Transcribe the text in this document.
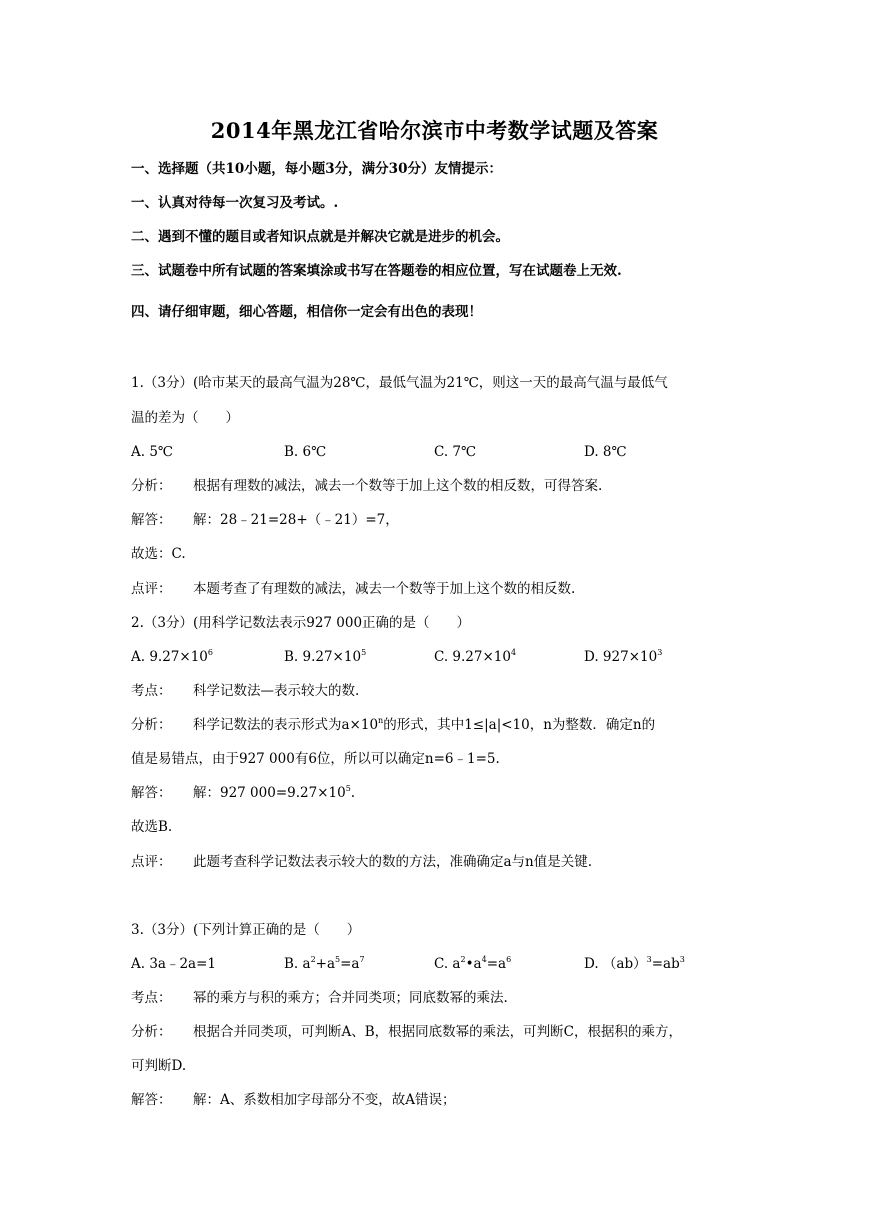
2014年黑龙江省哈尔滨市中考数学试题及答案
一、选择题（共10小题，每小题3分，满分30分）友情提示：
一、认真对待每一次复习及考试。.
二、遇到不懂的题目或者知识点就是并解决它就是进步的机会。
三、试题卷中所有试题的答案填涂或书写在答题卷的相应位置，写在试题卷上无效.
四、请仔细审题，细心答题，相信你一定会有出色的表现！
1.（3分）(哈市某天的最高气温为28℃，最低气温为21℃，则这一天的最高气温与最低气
温的差为（　　）
A. 5℃	B. 6℃	C. 7℃	D. 8℃
分析： 根据有理数的减法，减去一个数等于加上这个数的相反数，可得答案.
解答： 解：28﹣21=28+（﹣21）=7，
故选：C.
点评： 本题考查了有理数的减法，减去一个数等于加上这个数的相反数.
2.（3分）(用科学记数法表示927 000正确的是（　　）
A. $9.27\times 10^6$	B. $9.27\times 10^5$	C. $9.27\times 10^4$	D. $927\times 10^3$
考点： 科学记数法—表示较大的数.
分析： 科学记数法的表示形式为$a\times 10^n$的形式，其中1≤|a|<10，n为整数．确定n的
值是易错点，由于927 000有6位，所以可以确定n=6﹣1=5.
解答： 解：927 $000=9.27\times 10^5$.
故选B.
点评： 此题考查科学记数法表示较大的数的方法，准确确定a与n值是关键.
3.（3分）(下列计算正确的是（　　）
A. 3a﹣2a=1	B. $a^2+a^5=a^7$	C. $a^2•a^4=a^6$	D. $(ab)^3=ab^3$
考点： 幂的乘方与积的乘方；合并同类项；同底数幂的乘法.
分析： 根据合并同类项，可判断A、B，根据同底数幂的乘法，可判断C，根据积的乘方，
可判断D.
解答： 解：A、系数相加字母部分不变，故A错误；
